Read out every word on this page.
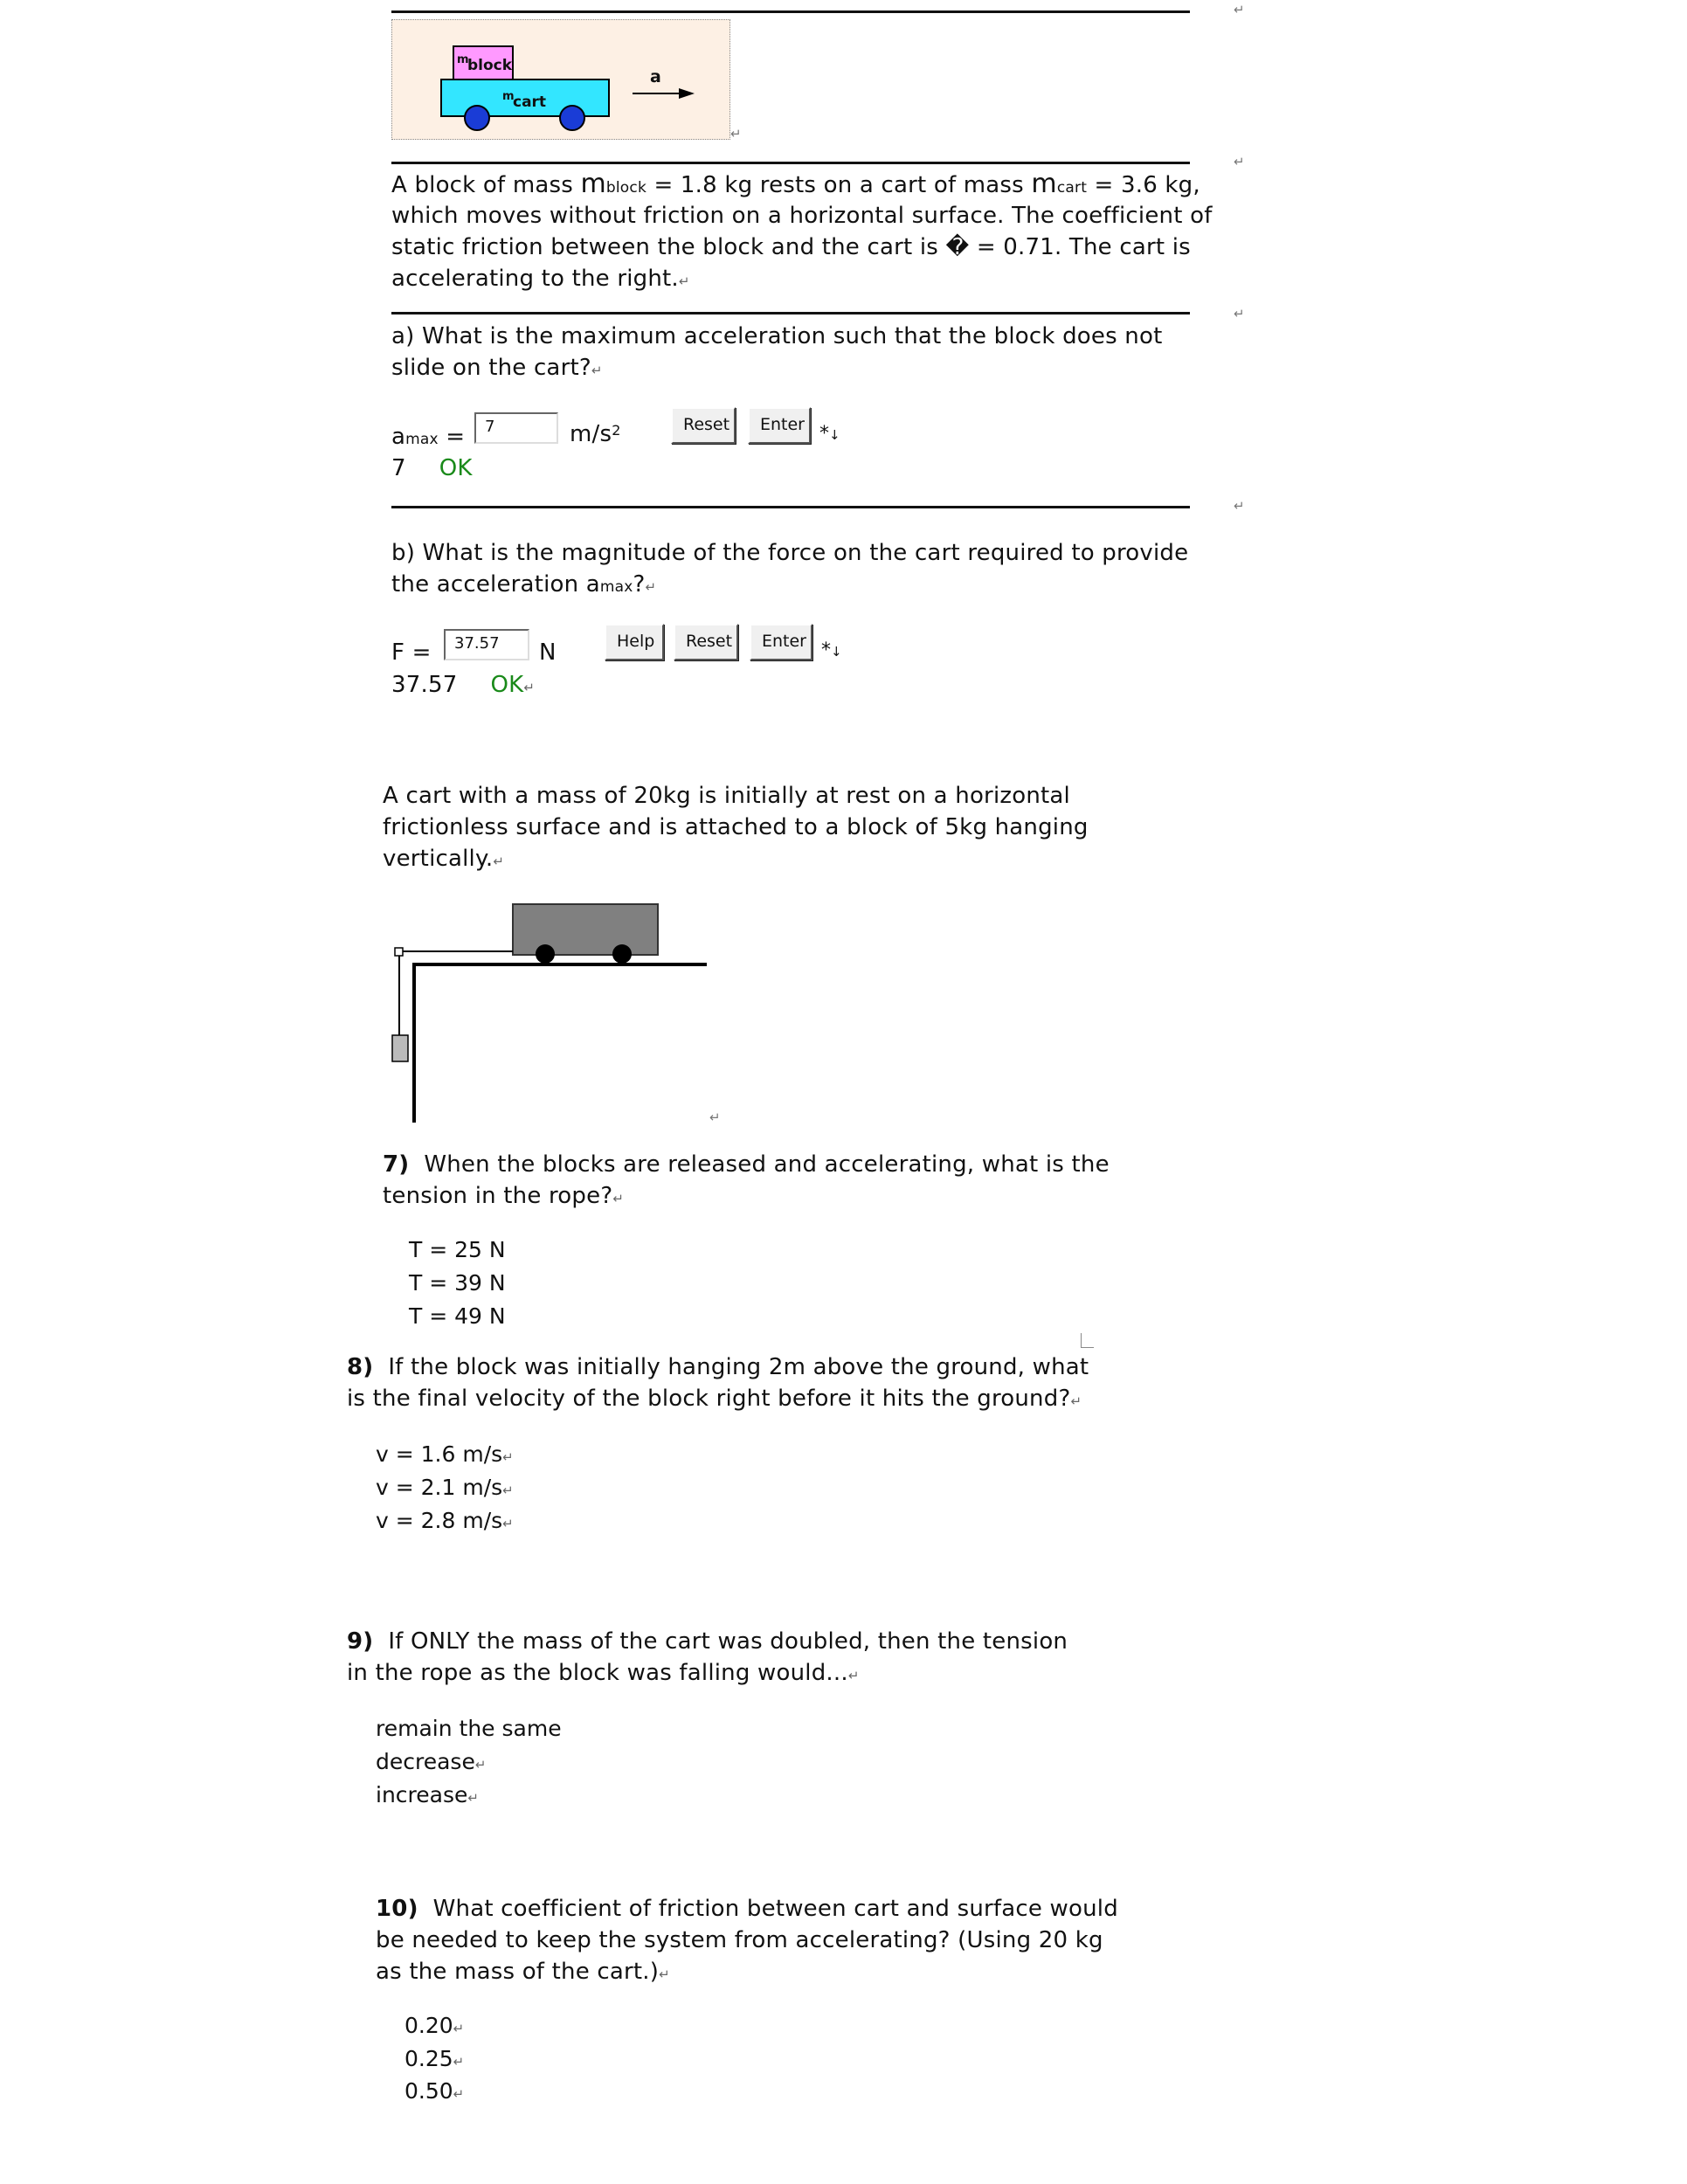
↵
m
block
m
cart
a
↵
↵
A block of mass mblock = 1.8 kg rests on a cart of mass mcart = 3.6 kg,
which moves without friction on a horizontal surface. The coefficient of
static friction between the block and the cart is � = 0.71. The cart is
accelerating to the right.↵
↵
a) What is the maximum acceleration such that the block does not
slide on the cart?↵
amax =	7	$m/s^2$	Reset	Enter *↓
7 OK
↵
b) What is the magnitude of the force on the cart required to provide
the acceleration amax?↵
F =	37.57	N	Help	Reset	Enter *↓
37.57 OK↵
A cart with a mass of 20kg is initially at rest on a horizontal
frictionless surface and is attached to a block of 5kg hanging
vertically.↵
↵
7) When the blocks are released and accelerating, what is the
tension in the rope?↵
T = 25 N
T = 39 N
T = 49 N
8) If the block was initially hanging 2m above the ground, what
is the final velocity of the block right before it hits the ground?↵
v = 1.6 m/s↵
v = 2.1 m/s↵
v = 2.8 m/s↵
9) If ONLY the mass of the cart was doubled, then the tension
in the rope as the block was falling would...↵
remain the same
decrease↵
increase↵
10) What coefficient of friction between cart and surface would
be needed to keep the system from accelerating? (Using 20 kg
as the mass of the cart.)↵
0.20↵
0.25↵
0.50↵
